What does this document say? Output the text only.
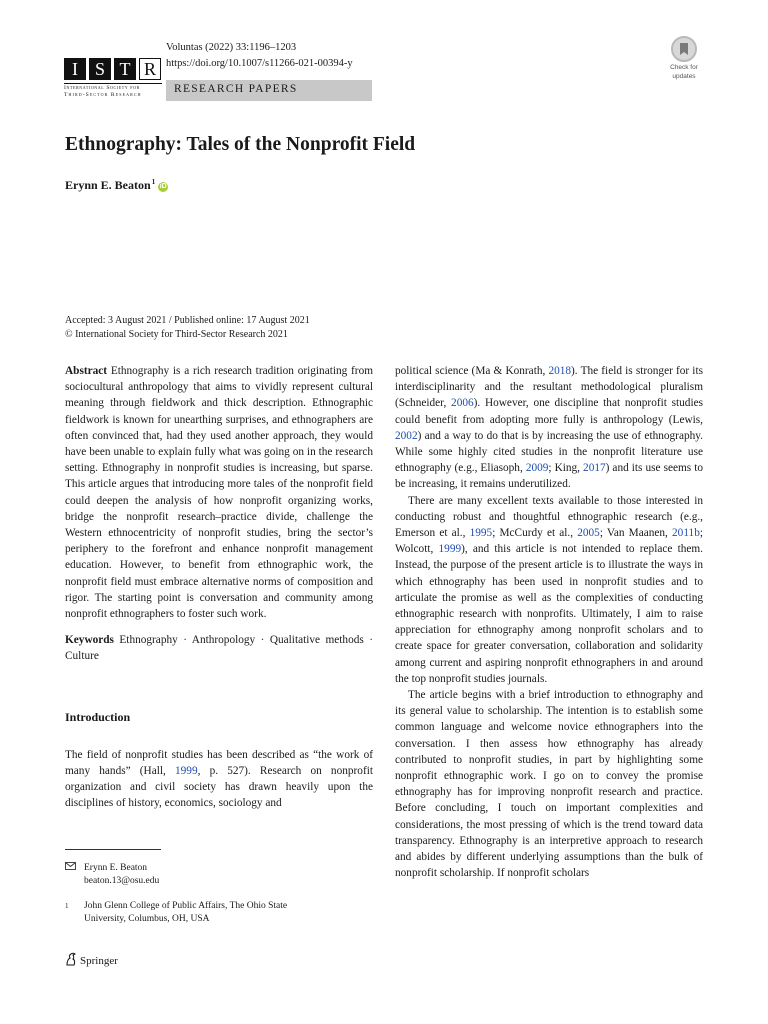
I S T R
International Society for
Third-Sector Research
Voluntas (2022) 33:1196–1203
https://doi.org/10.1007/s11266-021-00394-y
RESEARCH PAPERS
Check for
updates
Ethnography: Tales of the Nonprofit Field
Erynn E. Beaton$^1$
iD
Accepted: 3 August 2021 / Published online: 17 August 2021
© International Society for Third-Sector Research 2021

Abstract Ethnography is a rich research tradition originating from sociocultural anthropology that aims to vividly represent cultural meaning through fieldwork and thick description. Ethnographic fieldwork is known for unearthing surprises, and ethnographers are often convinced that, had they used another approach, they would have been unable to explain fully what was going on in the research setting. Ethnography in nonprofit studies is increasing, but sparse. This article argues that introducing more tales of the nonprofit field could deepen the analysis of how nonprofit organizing works, bridge the nonprofit research–practice divide, challenge the Western ethnocentricity of nonprofit studies, bring the sector’s periphery to the forefront and enhance nonprofit management education. However, to benefit from ethnographic work, the nonprofit field must embrace alternative norms of composition and rigor. The starting point is conversation and community among nonprofit ethnographers to foster such work.

Keywords Ethnography · Anthropology · Qualitative methods · Culture

Introduction

The field of nonprofit studies has been described as “the work of many hands” (Hall, 1999, p. 527). Research on nonprofit organization and civil society has drawn heavily upon the disciplines of history, economics, sociology and

political science (Ma & Konrath, 2018). The field is stronger for its interdisciplinarity and the resultant methodological pluralism (Schneider, 2006). However, one discipline that nonprofit studies could benefit from adopting more fully is anthropology (Lewis, 2002) and a way to do that is by increasing the use of ethnography. While some highly cited studies in the nonprofit literature use ethnography (e.g., Eliasoph, 2009; King, 2017) and its use seems to be increasing, it remains underutilized.

There are many excellent texts available to those interested in conducting robust and thoughtful ethnographic research (e.g., Emerson et al., 1995; McCurdy et al., 2005; Van Maanen, 2011b; Wolcott, 1999), and this article is not intended to replace them. Instead, the purpose of the present article is to illustrate the ways in which ethnography has been used in nonprofit studies and to articulate the promise as well as the complexities of conducting ethnographic research with nonprofits. Ultimately, I aim to raise appreciation for ethnography among nonprofit scholars and to create space for greater conversation, collaboration and solidarity among current and aspiring nonprofit ethnographers in and around the top nonprofit studies journals.

The article begins with a brief introduction to ethnography and its general value to scholarship. The intention is to establish some common language and welcome novice ethnographers into the conversation. I then assess how ethnography has already contributed to nonprofit studies, in part by highlighting some nonprofit ethnographic work. I go on to convey the promise ethnography has for improving nonprofit research and practice. Before concluding, I touch on important complexities and considerations, the most pressing of which is the trend toward data transparency. Ethnography is an interpretive approach to research and abides by different underlying assumptions than the bulk of nonprofit scholarship. If nonprofit scholars

Erynn E. Beaton
beaton.13@osu.edu
1 John Glenn College of Public Affairs, The Ohio State
University, Columbus, OH, USA
Springer
